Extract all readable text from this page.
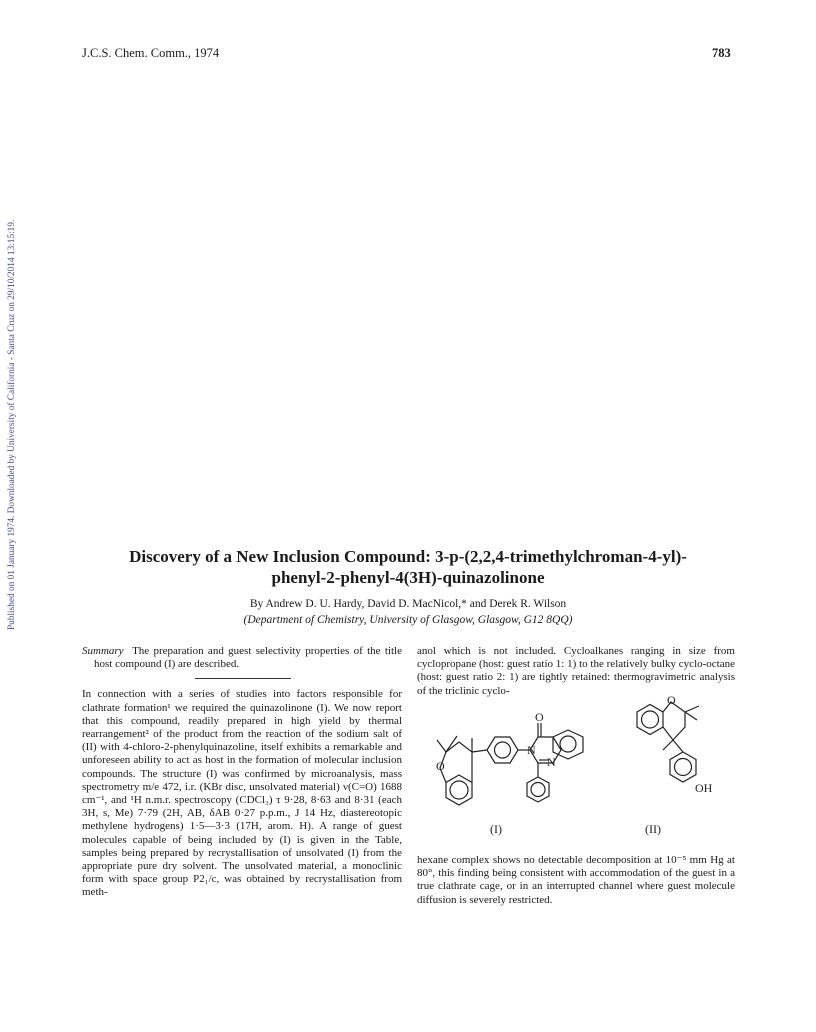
J.C.S. Chem. Comm., 1974	783
Published on 01 January 1974. Downloaded by University of California - Santa Cruz on 29/10/2014 13:15:19.	Discovery of a New Inclusion Compound: 3-p-(2,2,4-trimethylchroman-4-yl)-
phenyl-2-phenyl-4(3H)-quinazolinone
By Andrew D. U. Hardy, David D. MacNicol,* and Derek R. Wilson
(Department of Chemistry, University of Glasgow, Glasgow, G12 8QQ)

Summary The preparation and guest selectivity properties of the title host compound (I) are described.

In connection with a series of studies into factors responsible for clathrate formation¹ we required the quinazolinone (I). We now report that this compound, readily prepared in high yield by thermal rearrangement² of the product from the reaction of the sodium salt of (II) with 4-chloro-2-phenylquinazoline, itself exhibits a remarkable and unforeseen ability to act as host in the formation of molecular inclusion compounds. The structure (I) was confirmed by microanalysis, mass spectrometry m/e 472, i.r. (KBr disc, unsolvated material) ν(C=O) 1688 cm⁻¹, and ¹H n.m.r. spectroscopy (CDCl₃) τ 9·28, 8·63 and 8·31 (each 3H, s, Me) 7·79 (2H, AB, δAB 0·27 p.p.m., J 14 Hz, diastereotopic methylene hydrogens) 1·5—3·3 (17H, arom. H). A range of guest molecules capable of being included by (I) is given in the Table, samples being prepared by recrystallisation of unsolvated (I) from the appropriate pure dry solvent. The unsolvated material, a monoclinic form with space group P2₁/c, was obtained by recrystallisation from meth-

anol which is not included. Cycloalkanes ranging in size from cyclopropane (host: guest ratio 1: 1) to the relatively bulky cyclo-octane (host: guest ratio 2: 1) are tightly retained: thermogravimetric analysis of the triclinic cyclo-

O
N
N
O
O
OH
(I)	(II)

hexane complex shows no detectable decomposition at 10⁻⁵ mm Hg at 80°, this finding being consistent with accommodation of the guest in a true clathrate cage, or in an interrupted channel where guest molecule diffusion is severely restricted.
